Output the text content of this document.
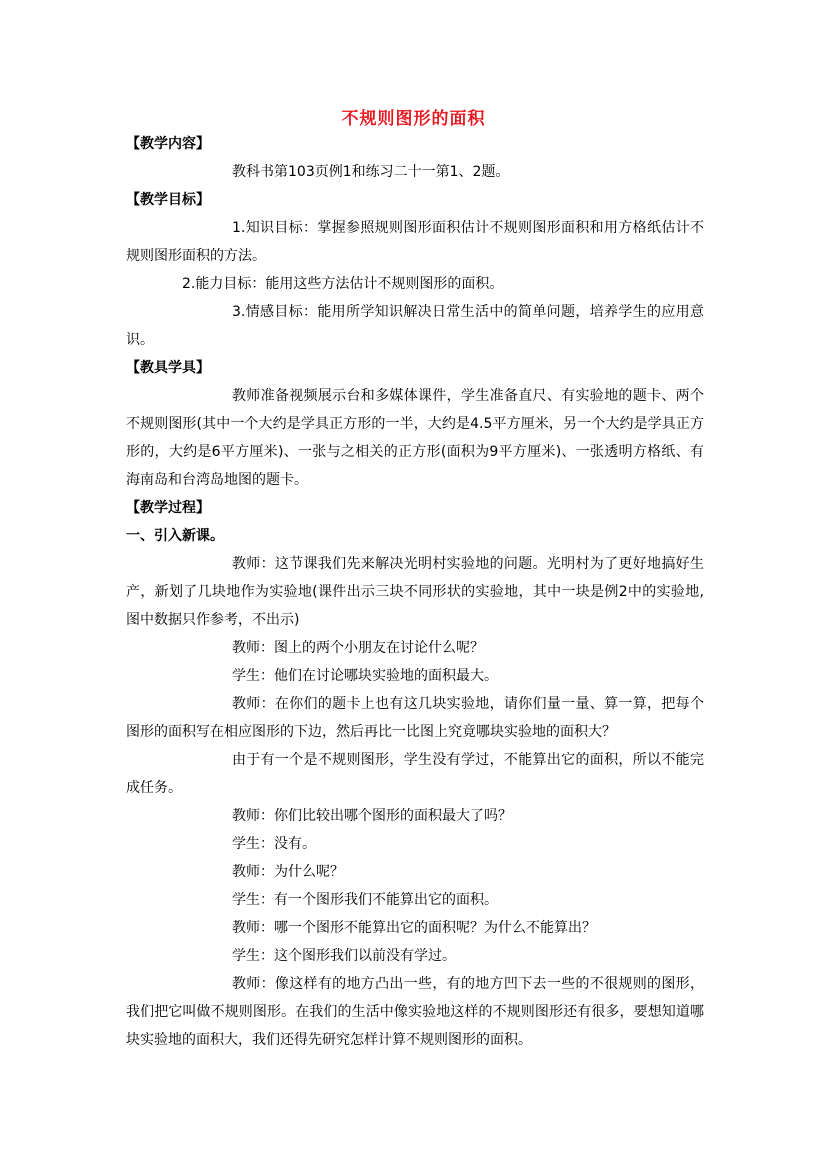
不规则图形的面积

【教学内容】

教科书第103页例1和练习二十一第1、2题。

【教学目标】

1.知识目标：掌握参照规则图形面积估计不规则图形面积和用方格纸估计不规则图形面积的方法。

2.能力目标：能用这些方法估计不规则图形的面积。

3.情感目标：能用所学知识解决日常生活中的简单问题，培养学生的应用意识。

【教具学具】

教师准备视频展示台和多媒体课件，学生准备直尺、有实验地的题卡、两个不规则图形(其中一个大约是学具正方形的一半，大约是4.5平方厘米，另一个大约是学具正方形的，大约是6平方厘米)、一张与之相关的正方形(面积为9平方厘米)、一张透明方格纸、有海南岛和台湾岛地图的题卡。

【教学过程】

一、引入新课。

教师：这节课我们先来解决光明村实验地的问题。光明村为了更好地搞好生产，新划了几块地作为实验地(课件出示三块不同形状的实验地，其中一块是例2中的实验地,图中数据只作参考，不出示)

教师：图上的两个小朋友在讨论什么呢？

学生：他们在讨论哪块实验地的面积最大。

教师：在你们的题卡上也有这几块实验地，请你们量一量、算一算，把每个图形的面积写在相应图形的下边，然后再比一比图上究竟哪块实验地的面积大？

由于有一个是不规则图形，学生没有学过，不能算出它的面积，所以不能完成任务。

教师：你们比较出哪个图形的面积最大了吗？

学生：没有。

教师：为什么呢？

学生：有一个图形我们不能算出它的面积。

教师：哪一个图形不能算出它的面积呢？为什么不能算出？

学生：这个图形我们以前没有学过。

教师：像这样有的地方凸出一些，有的地方凹下去一些的不很规则的图形，我们把它叫做不规则图形。在我们的生活中像实验地这样的不规则图形还有很多，要想知道哪块实验地的面积大，我们还得先研究怎样计算不规则图形的面积。
